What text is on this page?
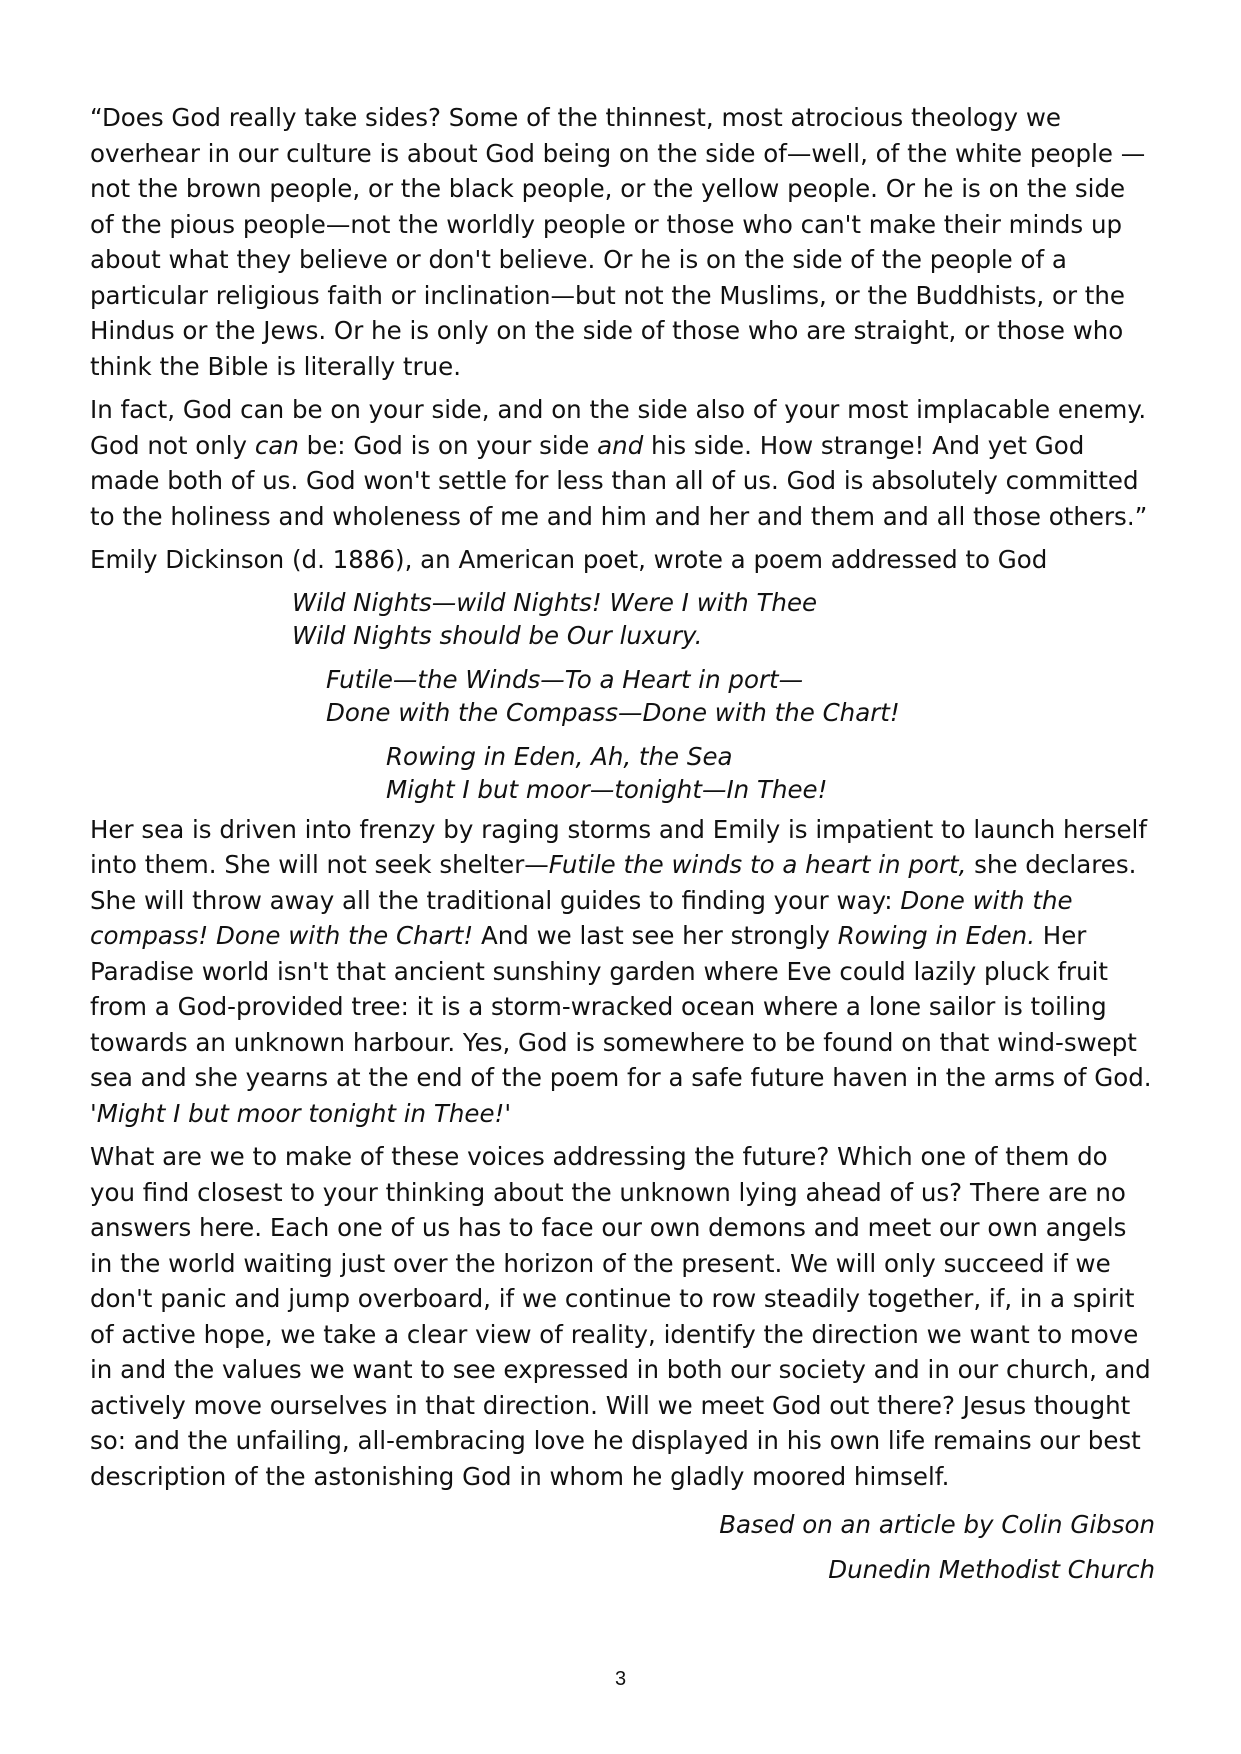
“Does God really take sides? Some of the thinnest, most atrocious theology we overhear in our culture is about God being on the side of—well, of the white people —not the brown people, or the black people, or the yellow people. Or he is on the side of the pious people—not the worldly people or those who can't make their minds up about what they believe or don't believe. Or he is on the side of the people of a particular religious faith or inclination—but not the Muslims, or the Buddhists, or the Hindus or the Jews. Or he is only on the side of those who are straight, or those who think the Bible is literally true.

In fact, God can be on your side, and on the side also of your most implacable enemy. God not only can be: God is on your side and his side. How strange! And yet God made both of us. God won't settle for less than all of us. God is absolutely committed to the holiness and wholeness of me and him and her and them and all those others.”

Emily Dickinson (d. 1886), an American poet, wrote a poem addressed to God

Wild Nights—wild Nights! Were I with Thee
Wild Nights should be Our luxury.
Futile—the Winds—To a Heart in port—
Done with the Compass—Done with the Chart!
Rowing in Eden, Ah, the Sea
Might I but moor—tonight—In Thee!

Her sea is driven into frenzy by raging storms and Emily is impatient to launch herself into them. She will not seek shelter—Futile the winds to a heart in port, she declares. She will throw away all the traditional guides to finding your way: Done with the compass! Done with the Chart! And we last see her strongly Rowing in Eden. Her Paradise world isn't that ancient sunshiny garden where Eve could lazily pluck fruit from a God-provided tree: it is a storm-wracked ocean where a lone sailor is toiling towards an unknown harbour. Yes, God is somewhere to be found on that wind-swept sea and she yearns at the end of the poem for a safe future haven in the arms of God. 'Might I but moor tonight in Thee!'

What are we to make of these voices addressing the future? Which one of them do you find closest to your thinking about the unknown lying ahead of us? There are no answers here. Each one of us has to face our own demons and meet our own angels in the world waiting just over the horizon of the present. We will only succeed if we don't panic and jump overboard, if we continue to row steadily together, if, in a spirit of active hope, we take a clear view of reality, identify the direction we want to move in and the values we want to see expressed in both our society and in our church, and actively move ourselves in that direction. Will we meet God out there? Jesus thought so: and the unfailing, all-embracing love he displayed in his own life remains our best description of the astonishing God in whom he gladly moored himself.

Based on an article by Colin Gibson
Dunedin Methodist Church
3
